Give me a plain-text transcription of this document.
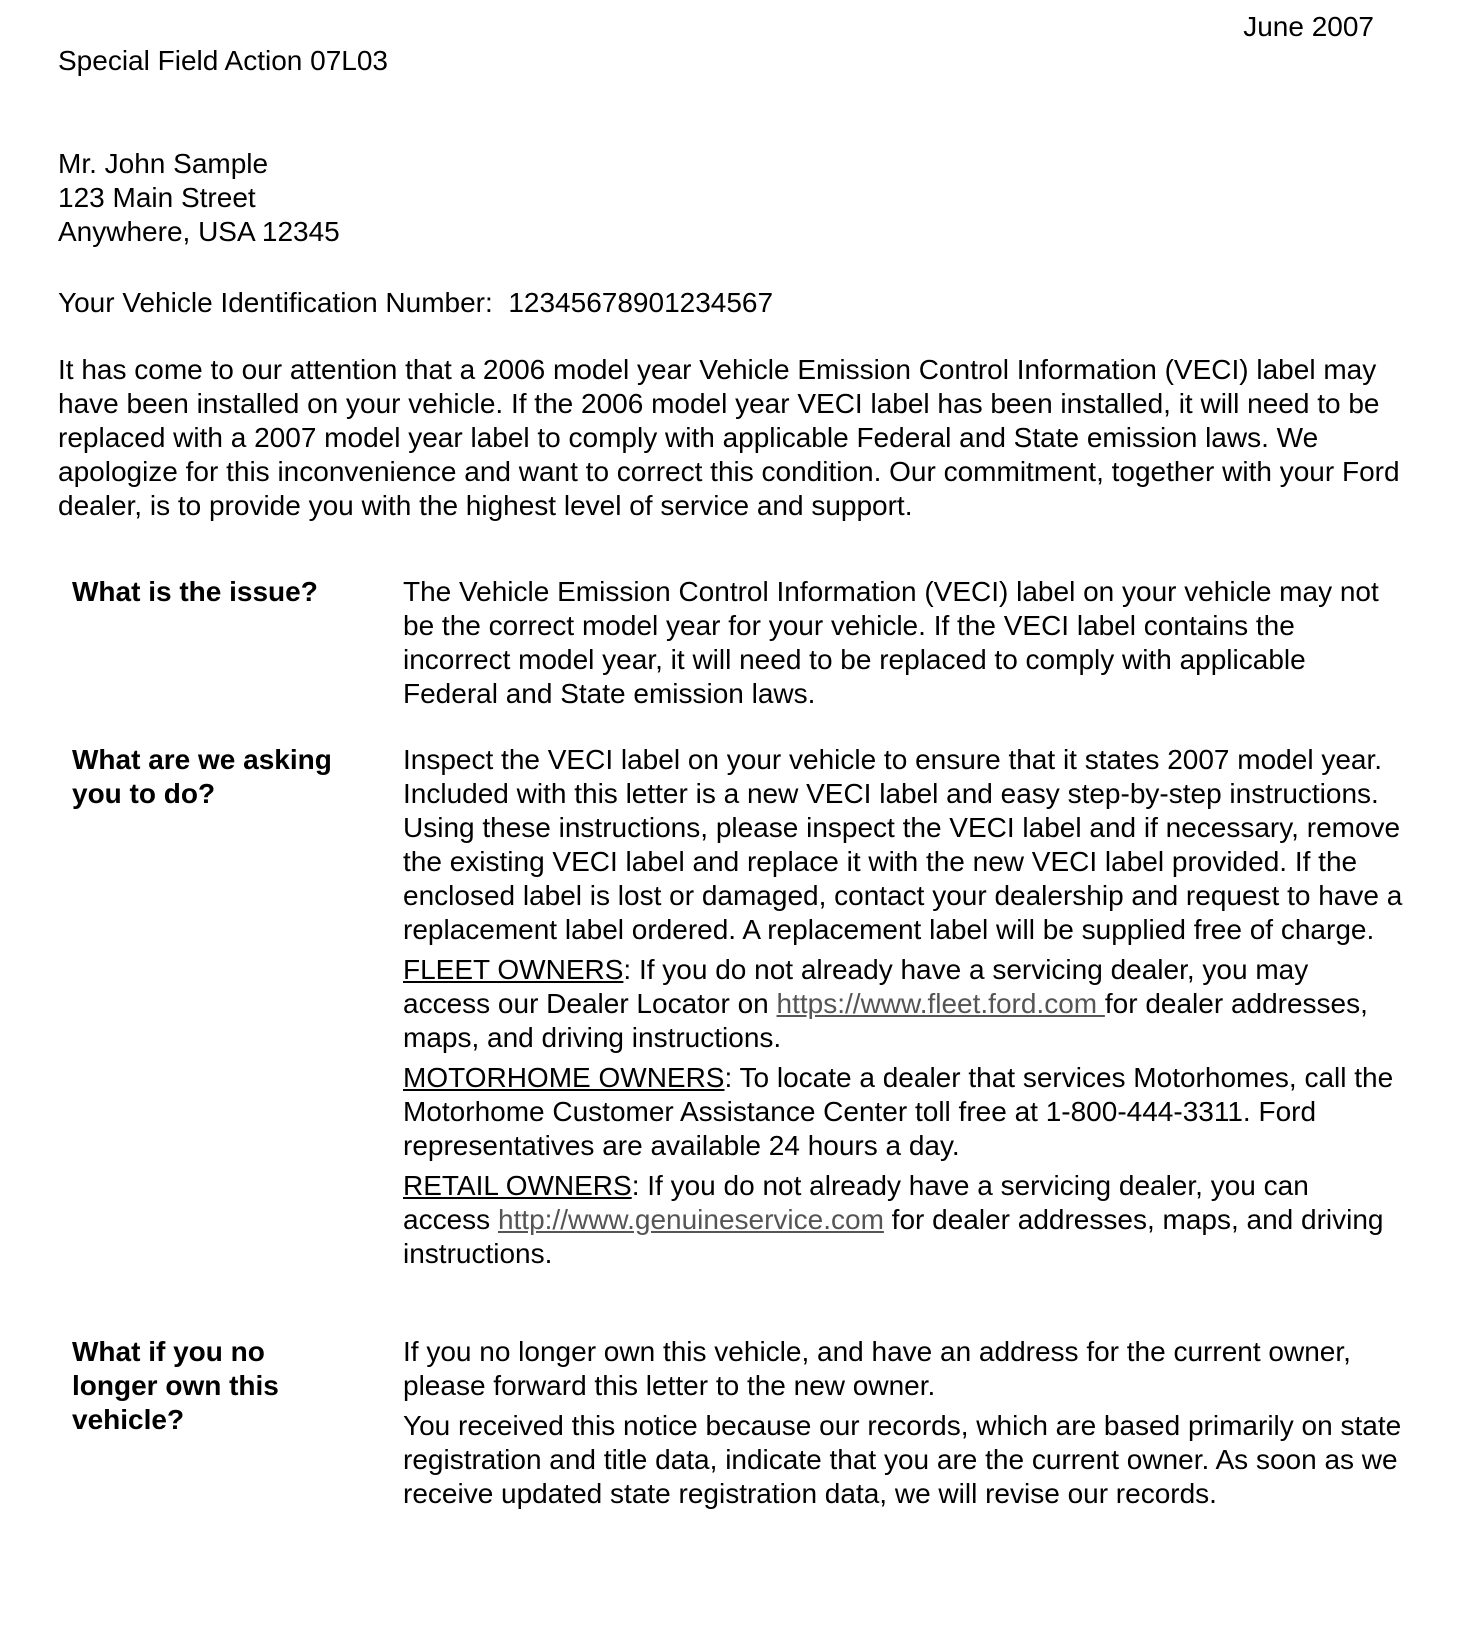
June 2007
Special Field Action 07L03
Mr. John Sample
123 Main Street
Anywhere, USA 12345
Your Vehicle Identification Number: 12345678901234567

It has come to our attention that a 2006 model year Vehicle Emission Control Information (VECI) label may have been installed on your vehicle. If the 2006 model year VECI label has been installed, it will need to be replaced with a 2007 model year label to comply with applicable Federal and State emission laws. We apologize for this inconvenience and want to correct this condition. Our commitment, together with your Ford dealer, is to provide you with the highest level of service and support.

What is the issue?	The Vehicle Emission Control Information (VECI) label on your vehicle may not be the correct model year for your vehicle. If the VECI label contains the incorrect model year, it will need to be replaced to comply with applicable Federal and State emission laws.

What are we asking you to do?

Inspect the VECI label on your vehicle to ensure that it states 2007 model year. Included with this letter is a new VECI label and easy step-by-step instructions. Using these instructions, please inspect the VECI label and if necessary, remove the existing VECI label and replace it with the new VECI label provided. If the enclosed label is lost or damaged, contact your dealership and request to have a replacement label ordered. A replacement label will be supplied free of charge.

FLEET OWNERS: If you do not already have a servicing dealer, you may access our Dealer Locator on https://www.fleet.ford.com for dealer addresses, maps, and driving instructions.

MOTORHOME OWNERS: To locate a dealer that services Motorhomes, call the Motorhome Customer Assistance Center toll free at 1-800-444-3311. Ford representatives are available 24 hours a day.

RETAIL OWNERS: If you do not already have a servicing dealer, you can access http://www.genuineservice.com for dealer addresses, maps, and driving instructions.

What if you no longer own this vehicle?

If you no longer own this vehicle, and have an address for the current owner, please forward this letter to the new owner.

You received this notice because our records, which are based primarily on state registration and title data, indicate that you are the current owner. As soon as we receive updated state registration data, we will revise our records.
